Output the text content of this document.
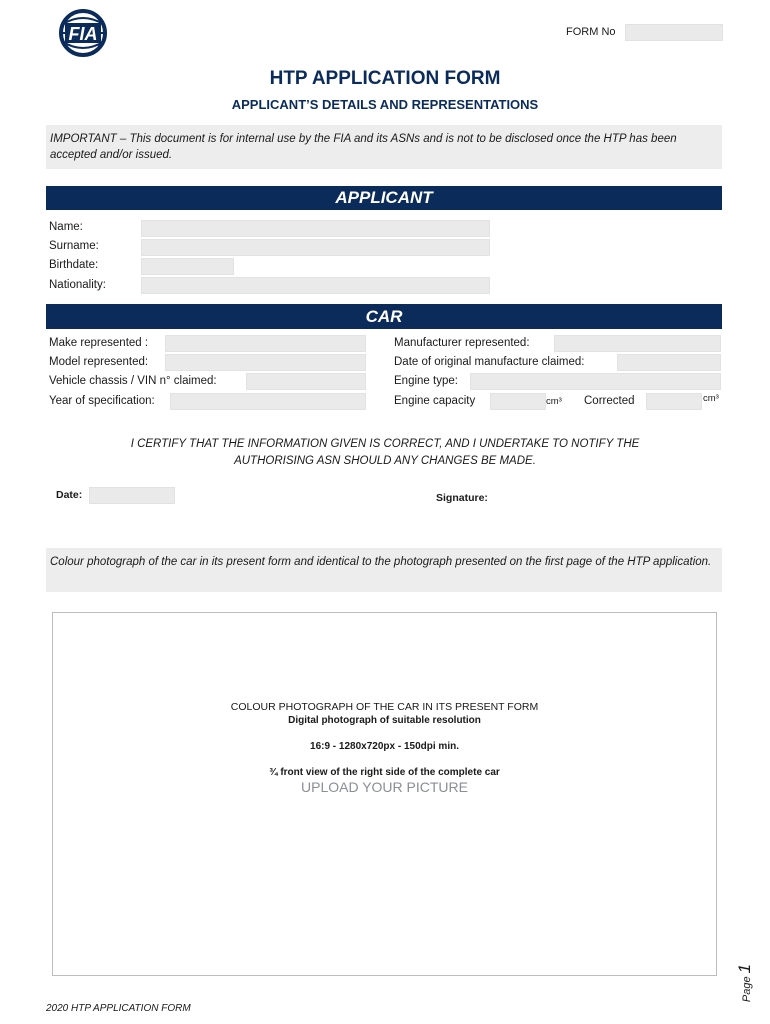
FIA	FORM No
HTP APPLICATION FORM
APPLICANT’S DETAILS AND REPRESENTATIONS
IMPORTANT – This document is for internal use by the FIA and its ASNs and is not to be disclosed once the HTP has been accepted and/or issued.
APPLICANT
Name:
Surname:
Birthdate:
Nationality:
CAR
Make represented :
Model represented:
Vehicle chassis / VIN n° claimed:
Year of specification:
Manufacturer represented:
Date of original manufacture claimed:
Engine type:
Engine capacity	cm³ Corrected	cm³
I CERTIFY THAT THE INFORMATION GIVEN IS CORRECT, AND I UNDERTAKE TO NOTIFY THE
AUTHORISING ASN SHOULD ANY CHANGES BE MADE.
Date:	Signature:
Colour photograph of the car in its present form and identical to the photograph presented on the first page of the HTP application.
COLOUR PHOTOGRAPH OF THE CAR IN ITS PRESENT FORM
Digital photograph of suitable resolution
16:9 - 1280x720px - 150dpi min.
¾ front view of the right side of the complete car
UPLOAD YOUR PICTURE
Page 1
2020 HTP APPLICATION FORM
